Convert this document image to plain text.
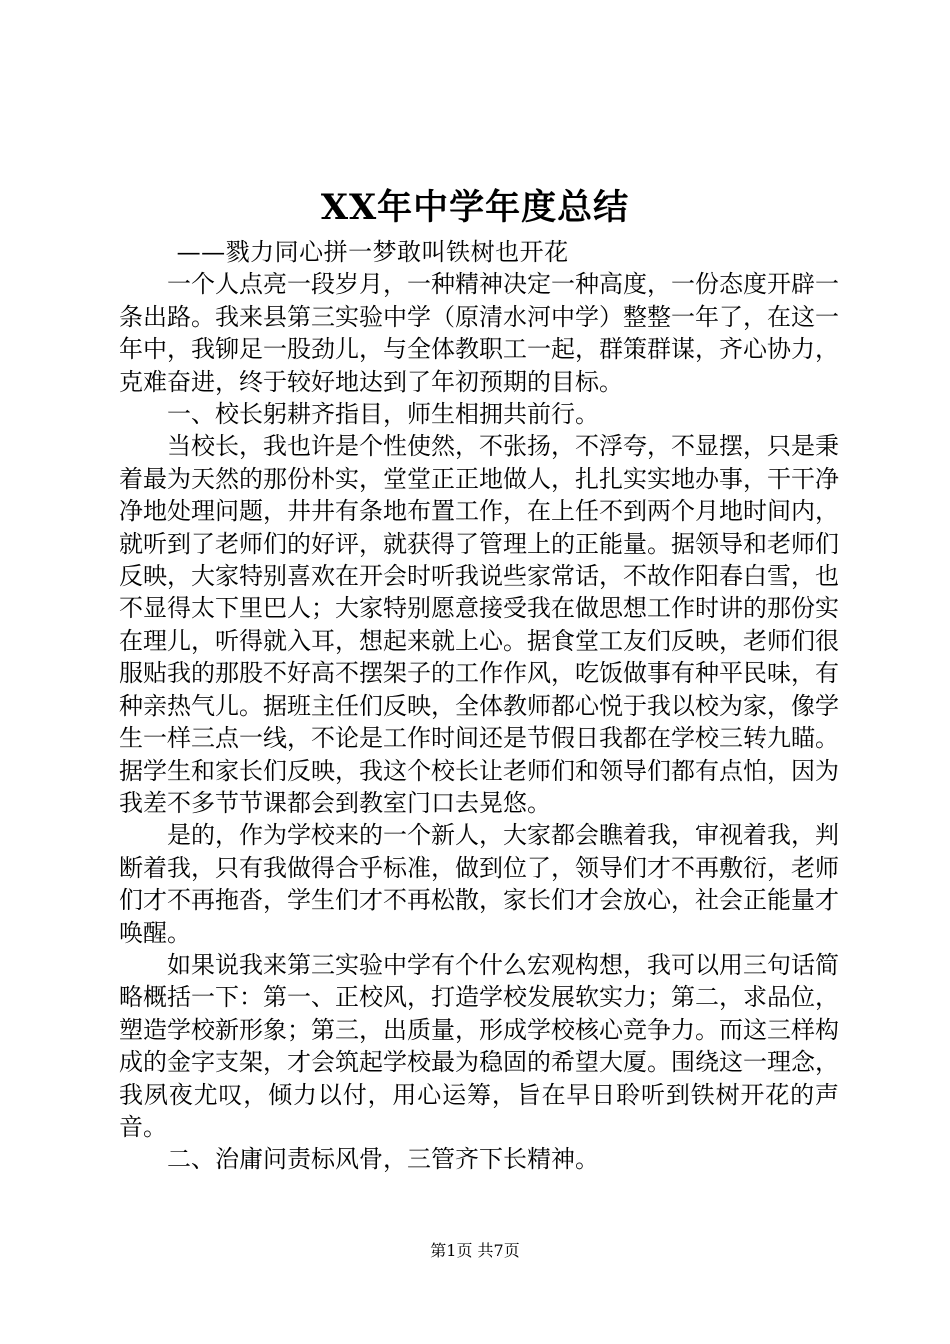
XX年中学年度总结

——戮力同心拼一梦敢叫铁树也开花

一个人点亮一段岁月，一种精神决定一种高度，一份态度开辟一条出路。我来县第三实验中学（原清水河中学）整整一年了，在这一年中，我铆足一股劲儿，与全体教职工一起，群策群谋，齐心协力，克难奋进，终于较好地达到了年初预期的目标。

一、校长躬耕齐指目，师生相拥共前行。

当校长，我也许是个性使然，不张扬，不浮夸，不显摆，只是秉着最为天然的那份朴实，堂堂正正地做人，扎扎实实地办事，干干净净地处理问题，井井有条地布置工作，在上任不到两个月地时间内，就听到了老师们的好评，就获得了管理上的正能量。据领导和老师们反映，大家特别喜欢在开会时听我说些家常话，不故作阳春白雪，也不显得太下里巴人；大家特别愿意接受我在做思想工作时讲的那份实在理儿，听得就入耳，想起来就上心。据食堂工友们反映，老师们很服贴我的那股不好高不摆架子的工作作风，吃饭做事有种平民味，有种亲热气儿。据班主任们反映，全体教师都心悦于我以校为家，像学生一样三点一线，不论是工作时间还是节假日我都在学校三转九瞄。据学生和家长们反映，我这个校长让老师们和领导们都有点怕，因为我差不多节节课都会到教室门口去晃悠。

是的，作为学校来的一个新人，大家都会瞧着我，审视着我，判断着我，只有我做得合乎标准，做到位了，领导们才不再敷衍，老师们才不再拖沓，学生们才不再松散，家长们才会放心，社会正能量才唤醒。

如果说我来第三实验中学有个什么宏观构想，我可以用三句话简略概括一下：第一、正校风，打造学校发展软实力；第二，求品位，塑造学校新形象；第三，出质量，形成学校核心竞争力。而这三样构成的金字支架，才会筑起学校最为稳固的希望大厦。围绕这一理念，我夙夜尤叹，倾力以付，用心运筹，旨在早日聆听到铁树开花的声音。

二、治庸问责标风骨，三管齐下长精神。

第1页 共7页
